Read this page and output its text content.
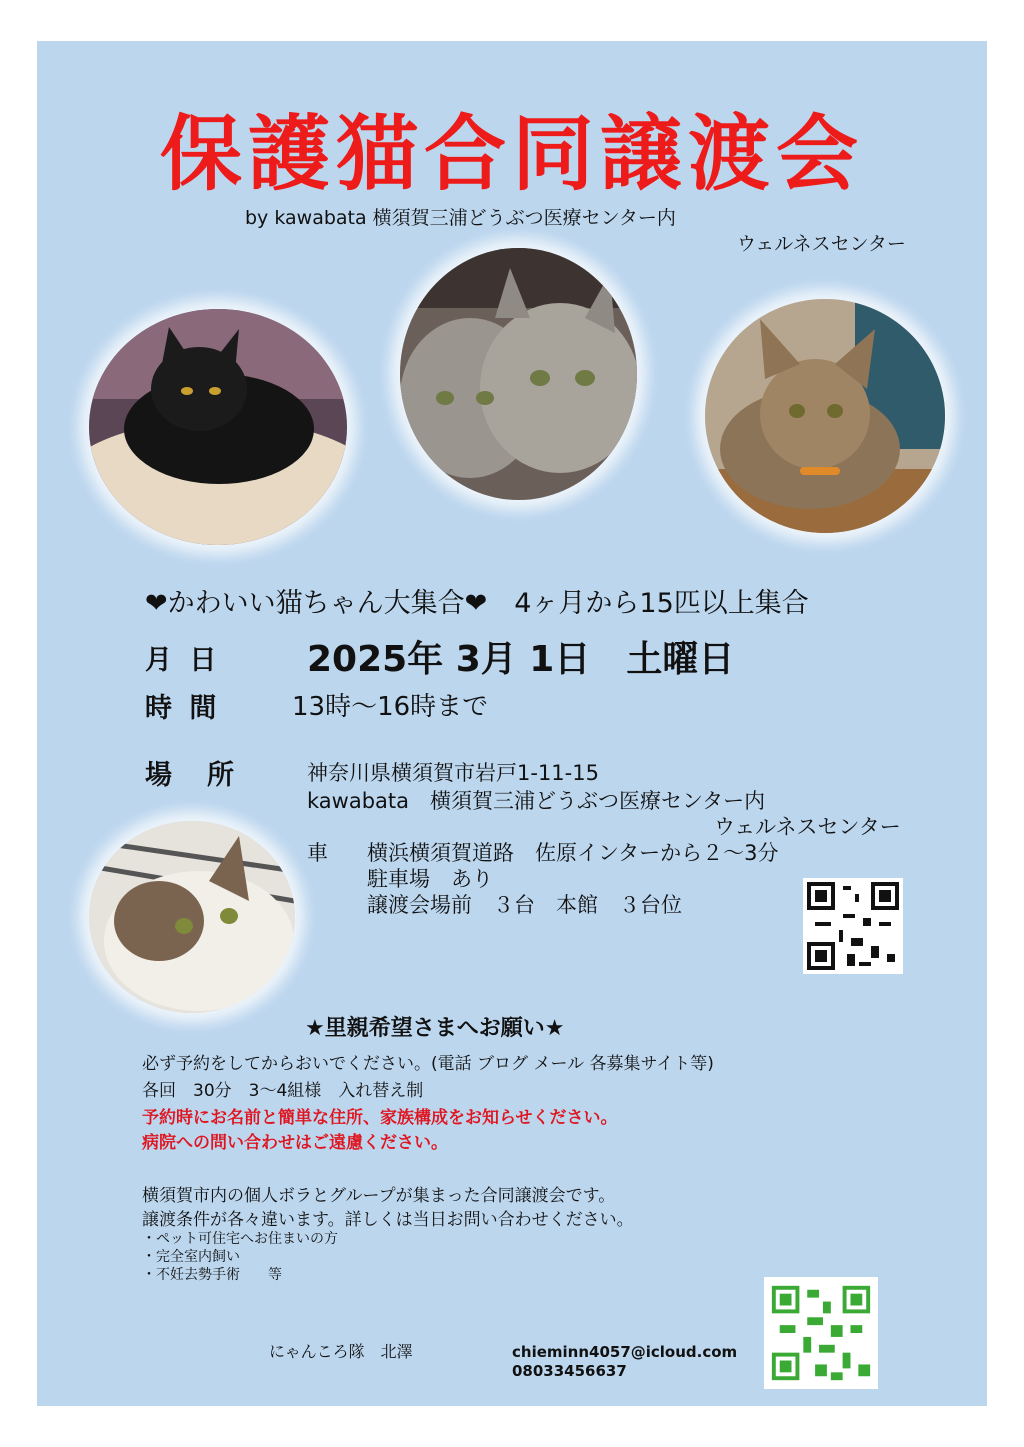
保護猫合同譲渡会
by kawabata 横須賀三浦どうぶつ医療センター内
ウェルネスセンター
❤かわいい猫ちゃん大集合❤　4ヶ月から15匹以上集合
月 日 2025年 3月 1日　土曜日
時 間	13時～16時まで
場　所	神奈川県横須賀市岩戸1-11-15
kawabata　横須賀三浦どうぶつ医療センター内
ウェルネスセンター
車 横浜横須賀道路　佐原インターから２～3分
駐車場　あり
譲渡会場前　３台　本館　３台位
★里親希望さまへお願い★
必ず予約をしてからおいでください。(電話 ブログ メール 各募集サイト等)
各回　30分　3～4組様　入れ替え制
予約時にお名前と簡単な住所、家族構成をお知らせください。
病院への問い合わせはご遠慮ください。
横須賀市内の個人ボラとグループが集まった合同譲渡会です。
譲渡条件が各々違います。詳しくは当日お問い合わせください。
・ペット可住宅へお住まいの方
・完全室内飼い
・不妊去勢手術　　等
にゃんころ隊　北澤	chieminn4057@icloud.com
08033456637
